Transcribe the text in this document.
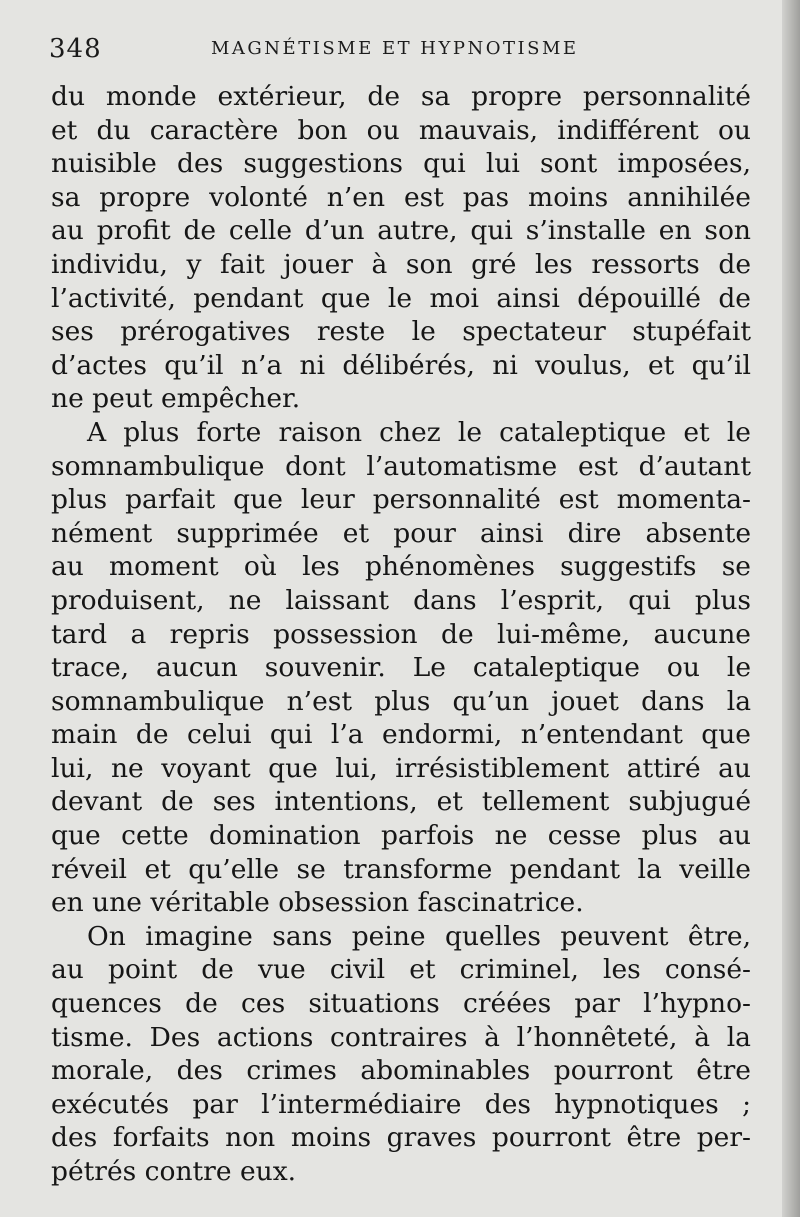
348	MAGNÉTISME ET HYPNOTISME
du monde extérieur, de sa propre personnalité
et du caractère bon ou mauvais, indifférent ou
nuisible des suggestions qui lui sont imposées,
sa propre volonté n’en est pas moins annihilée
au profit de celle d’un autre, qui s’installe en son
individu, y fait jouer à son gré les ressorts de
l’activité, pendant que le moi ainsi dépouillé de
ses prérogatives reste le spectateur stupéfait
d’actes qu’il n’a ni délibérés, ni voulus, et qu’il
ne peut empêcher.
A plus forte raison chez le cataleptique et le
somnambulique dont l’automatisme est d’autant
plus parfait que leur personnalité est momenta-
nément supprimée et pour ainsi dire absente
au moment où les phénomènes suggestifs se
produisent, ne laissant dans l’esprit, qui plus
tard a repris possession de lui-même, aucune
trace, aucun souvenir. Le cataleptique ou le
somnambulique n’est plus qu’un jouet dans la
main de celui qui l’a endormi, n’entendant que
lui, ne voyant que lui, irrésistiblement attiré au
devant de ses intentions, et tellement subjugué
que cette domination parfois ne cesse plus au
réveil et qu’elle se transforme pendant la veille
en une véritable obsession fascinatrice.
On imagine sans peine quelles peuvent être,
au point de vue civil et criminel, les consé-
quences de ces situations créées par l’hypno-
tisme. Des actions contraires à l’honnêteté, à la
morale, des crimes abominables pourront être
exécutés par l’intermédiaire des hypnotiques ;
des forfaits non moins graves pourront être per-
pétrés contre eux.
